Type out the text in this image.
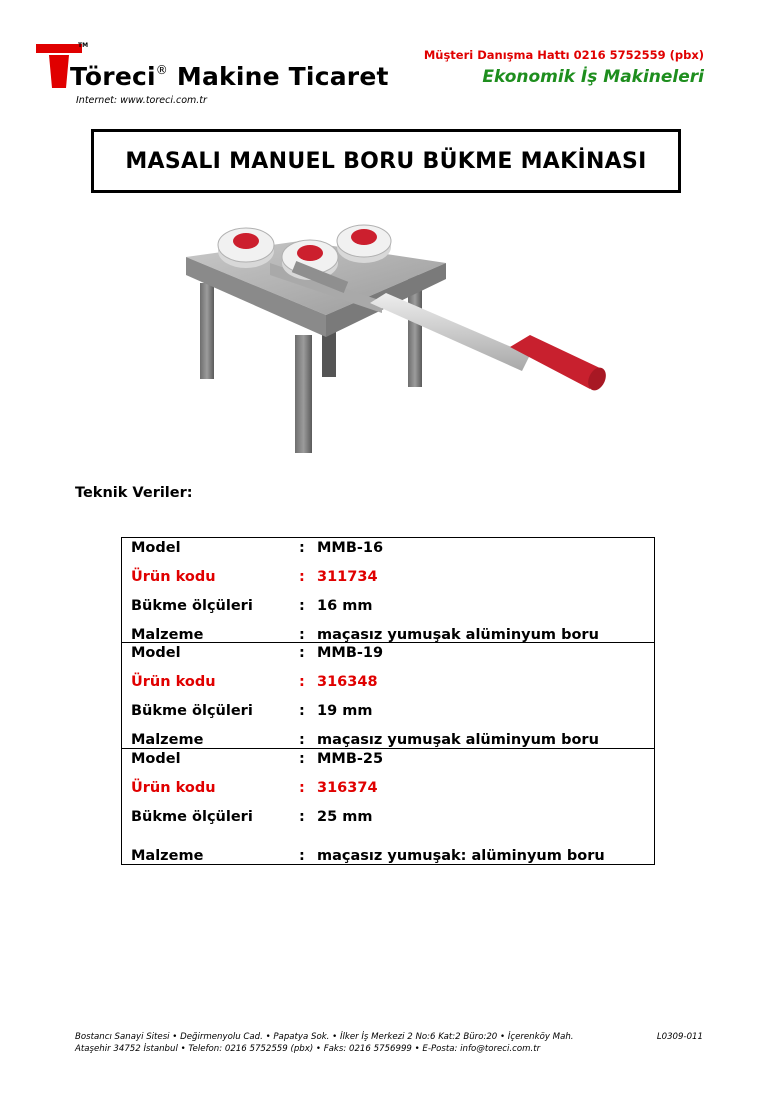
TM
Töreci® Makine Ticaret
Internet: www.toreci.com.tr
Müşteri Danışma Hattı 0216 5752559 (pbx)
Ekonomik İş Makineleri
MASALI MANUEL BORU BÜKME MAKİNASI
Teknik Veriler:
Model	: MMB-16
Ürün kodu	: 311734
Bükme ölçüleri	: 16 mm
Malzeme	: maçasız yumuşak alüminyum boru
Model	: MMB-19
Ürün kodu	: 316348
Bükme ölçüleri	: 19 mm
Malzeme	: maçasız yumuşak alüminyum boru
Model	: MMB-25
Ürün kodu	: 316374
Bükme ölçüleri	: 25 mm
Malzeme	: maçasız yumuşak: alüminyum boru
Bostancı Sanayi Sitesi • Değirmenyolu Cad. • Papatya Sok. • İlker İş Merkezi 2 No:6 Kat:2 Büro:20 • İçerenköy Mah.
Ataşehir 34752 İstanbul • Telefon: 0216 5752559 (pbx) • Faks: 0216 5756999 • E-Posta: info@toreci.com.tr
L0309-011
